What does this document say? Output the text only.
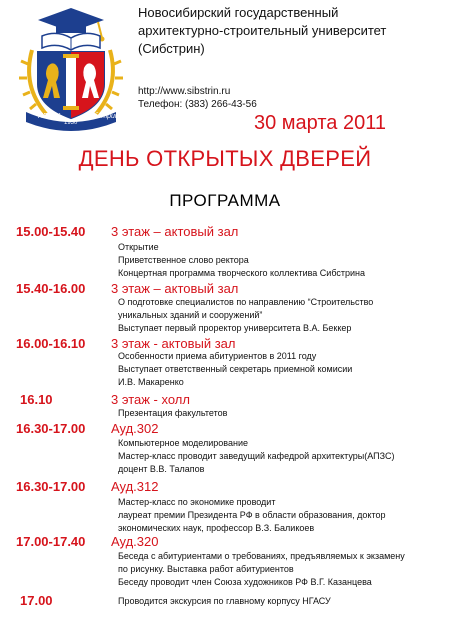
НГАСУ
1930
Сибстрин
Новосибирский государственный
архитектурно-строительный университет
(Сибстрин)
http://www.sibstrin.ru
Телефон: (383) 266-43-56
30 марта 2011
ДЕНЬ ОТКРЫТЫХ ДВЕРЕЙ
ПРОГРАММА
15.00-15.40 3 этаж – актовый зал
Открытие
Приветственное слово ректора
Концертная программа творческого коллектива Сибстрина
15.40-16.00 3 этаж – актовый зал
О подготовке специалистов по направлению “Строительство
уникальных зданий и сооружений”
Выступает первый проректор университета В.А. Беккер
16.00-16.10 3 этаж - актовый зал
Особенности приема абитуриентов в 2011 году
Выступает ответственный секретарь приемной комисии
И.В. Макаренко
16.10	3 этаж - холл
Презентация факультетов
16.30-17.00 Ауд.302
Компьютерное моделирование
Мастер-класс проводит заведущий кафедрой архитектуры(АПЗС)
доцент В.В. Талапов
16.30-17.00 Ауд.312
Мастер-класс по экономике проводит
лауреат премии Президента РФ в области образования, доктор
экономических наук, профессор В.З. Баликоев
17.00-17.40 Ауд.320
Беседа с абитуриентами о требованиях, предъявляемых к экзамену
по рисунку. Выставка работ абитуриентов
Беседу проводит член Союза художников РФ В.Г. Казанцева
17.00	Проводится экскурсия по главному корпусу НГАСУ
